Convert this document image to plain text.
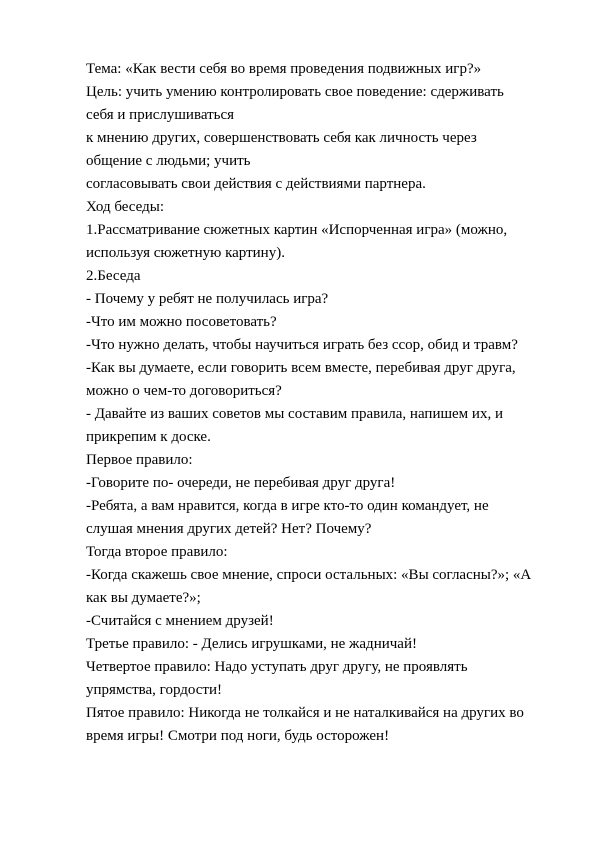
Тема: «Как вести себя во время проведения подвижных игр?»
Цель: учить умению контролировать свое поведение: сдерживать
себя и прислушиваться
к мнению других, совершенствовать себя как личность через
общение с людьми; учить
согласовывать свои действия с действиями партнера.
Ход беседы:
1.Рассматривание сюжетных картин «Испорченная игра» (можно,
используя сюжетную картину).
2.Беседа
- Почему у ребят не получилась игра?
-Что им можно посоветовать?
-Что нужно делать, чтобы научиться играть без ссор, обид и травм?
-Как вы думаете, если говорить всем вместе, перебивая друг друга,
можно о чем-то договориться?
- Давайте из ваших советов мы составим правила, напишем их, и
прикрепим к доске.
Первое правило:
-Говорите по- очереди, не перебивая друг друга!
-Ребята, а вам нравится, когда в игре кто-то один командует, не
слушая мнения других детей? Нет? Почему?
Тогда второе правило:
-Когда скажешь свое мнение, спроси остальных: «Вы согласны?»; «А
как вы думаете?»;
-Считайся с мнением друзей!
Третье правило: - Делись игрушками, не жадничай!
Четвертое правило: Надо уступать друг другу, не проявлять
упрямства, гордости!
Пятое правило: Никогда не толкайся и не наталкивайся на других во
время игры! Смотри под ноги, будь осторожен!
